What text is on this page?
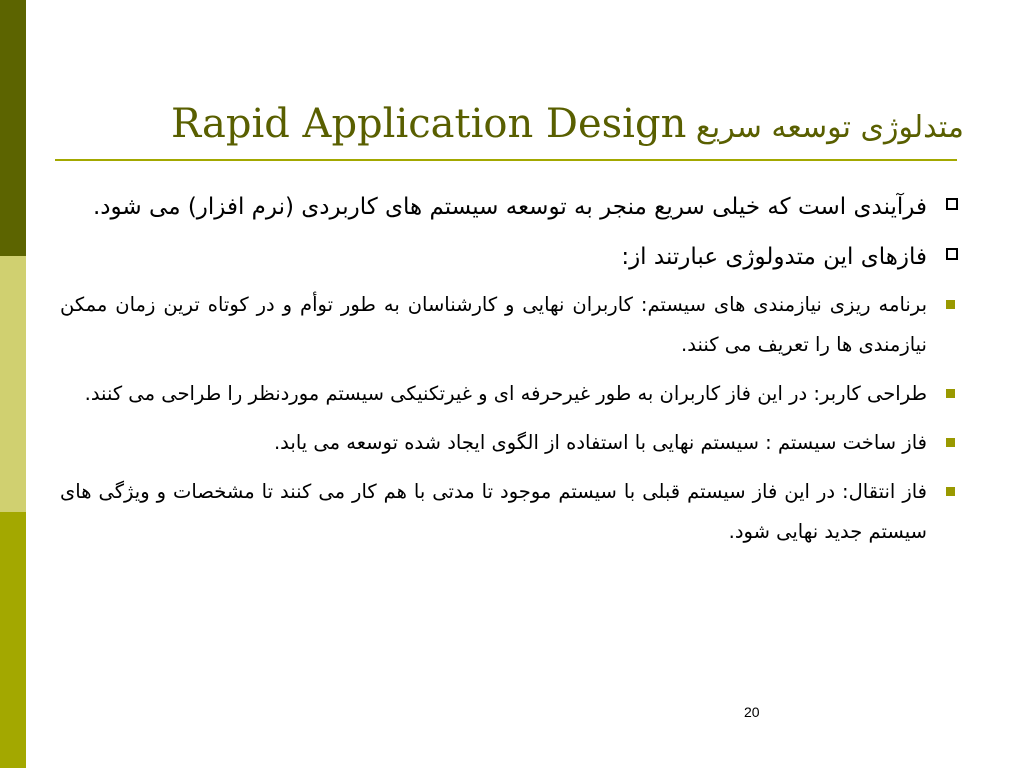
متدلوژی توسعه سریع Rapid Application Design
فرآیندی است که خیلی سریع منجر به توسعه سیستم های کاربردی (نرم افزار) می شود.
فازهای این متدولوژی عبارتند از:
برنامه ریزی نیازمندی های سیستم: کاربران نهایی و کارشناسان به طور توأم و در کوتاه ترین زمان ممکن نیازمندی ها را تعریف می کنند.
طراحی کاربر: در این فاز کاربران به طور غیرحرفه ای و غیرتکنیکی سیستم موردنظر را طراحی می کنند.
فاز ساخت سیستم : سیستم نهایی با استفاده از الگوی ایجاد شده توسعه می یابد.
فاز انتقال: در این فاز سیستم قبلی با سیستم موجود تا مدتی با هم کار می کنند تا مشخصات و ویژگی های سیستم جدید نهایی شود.
20
